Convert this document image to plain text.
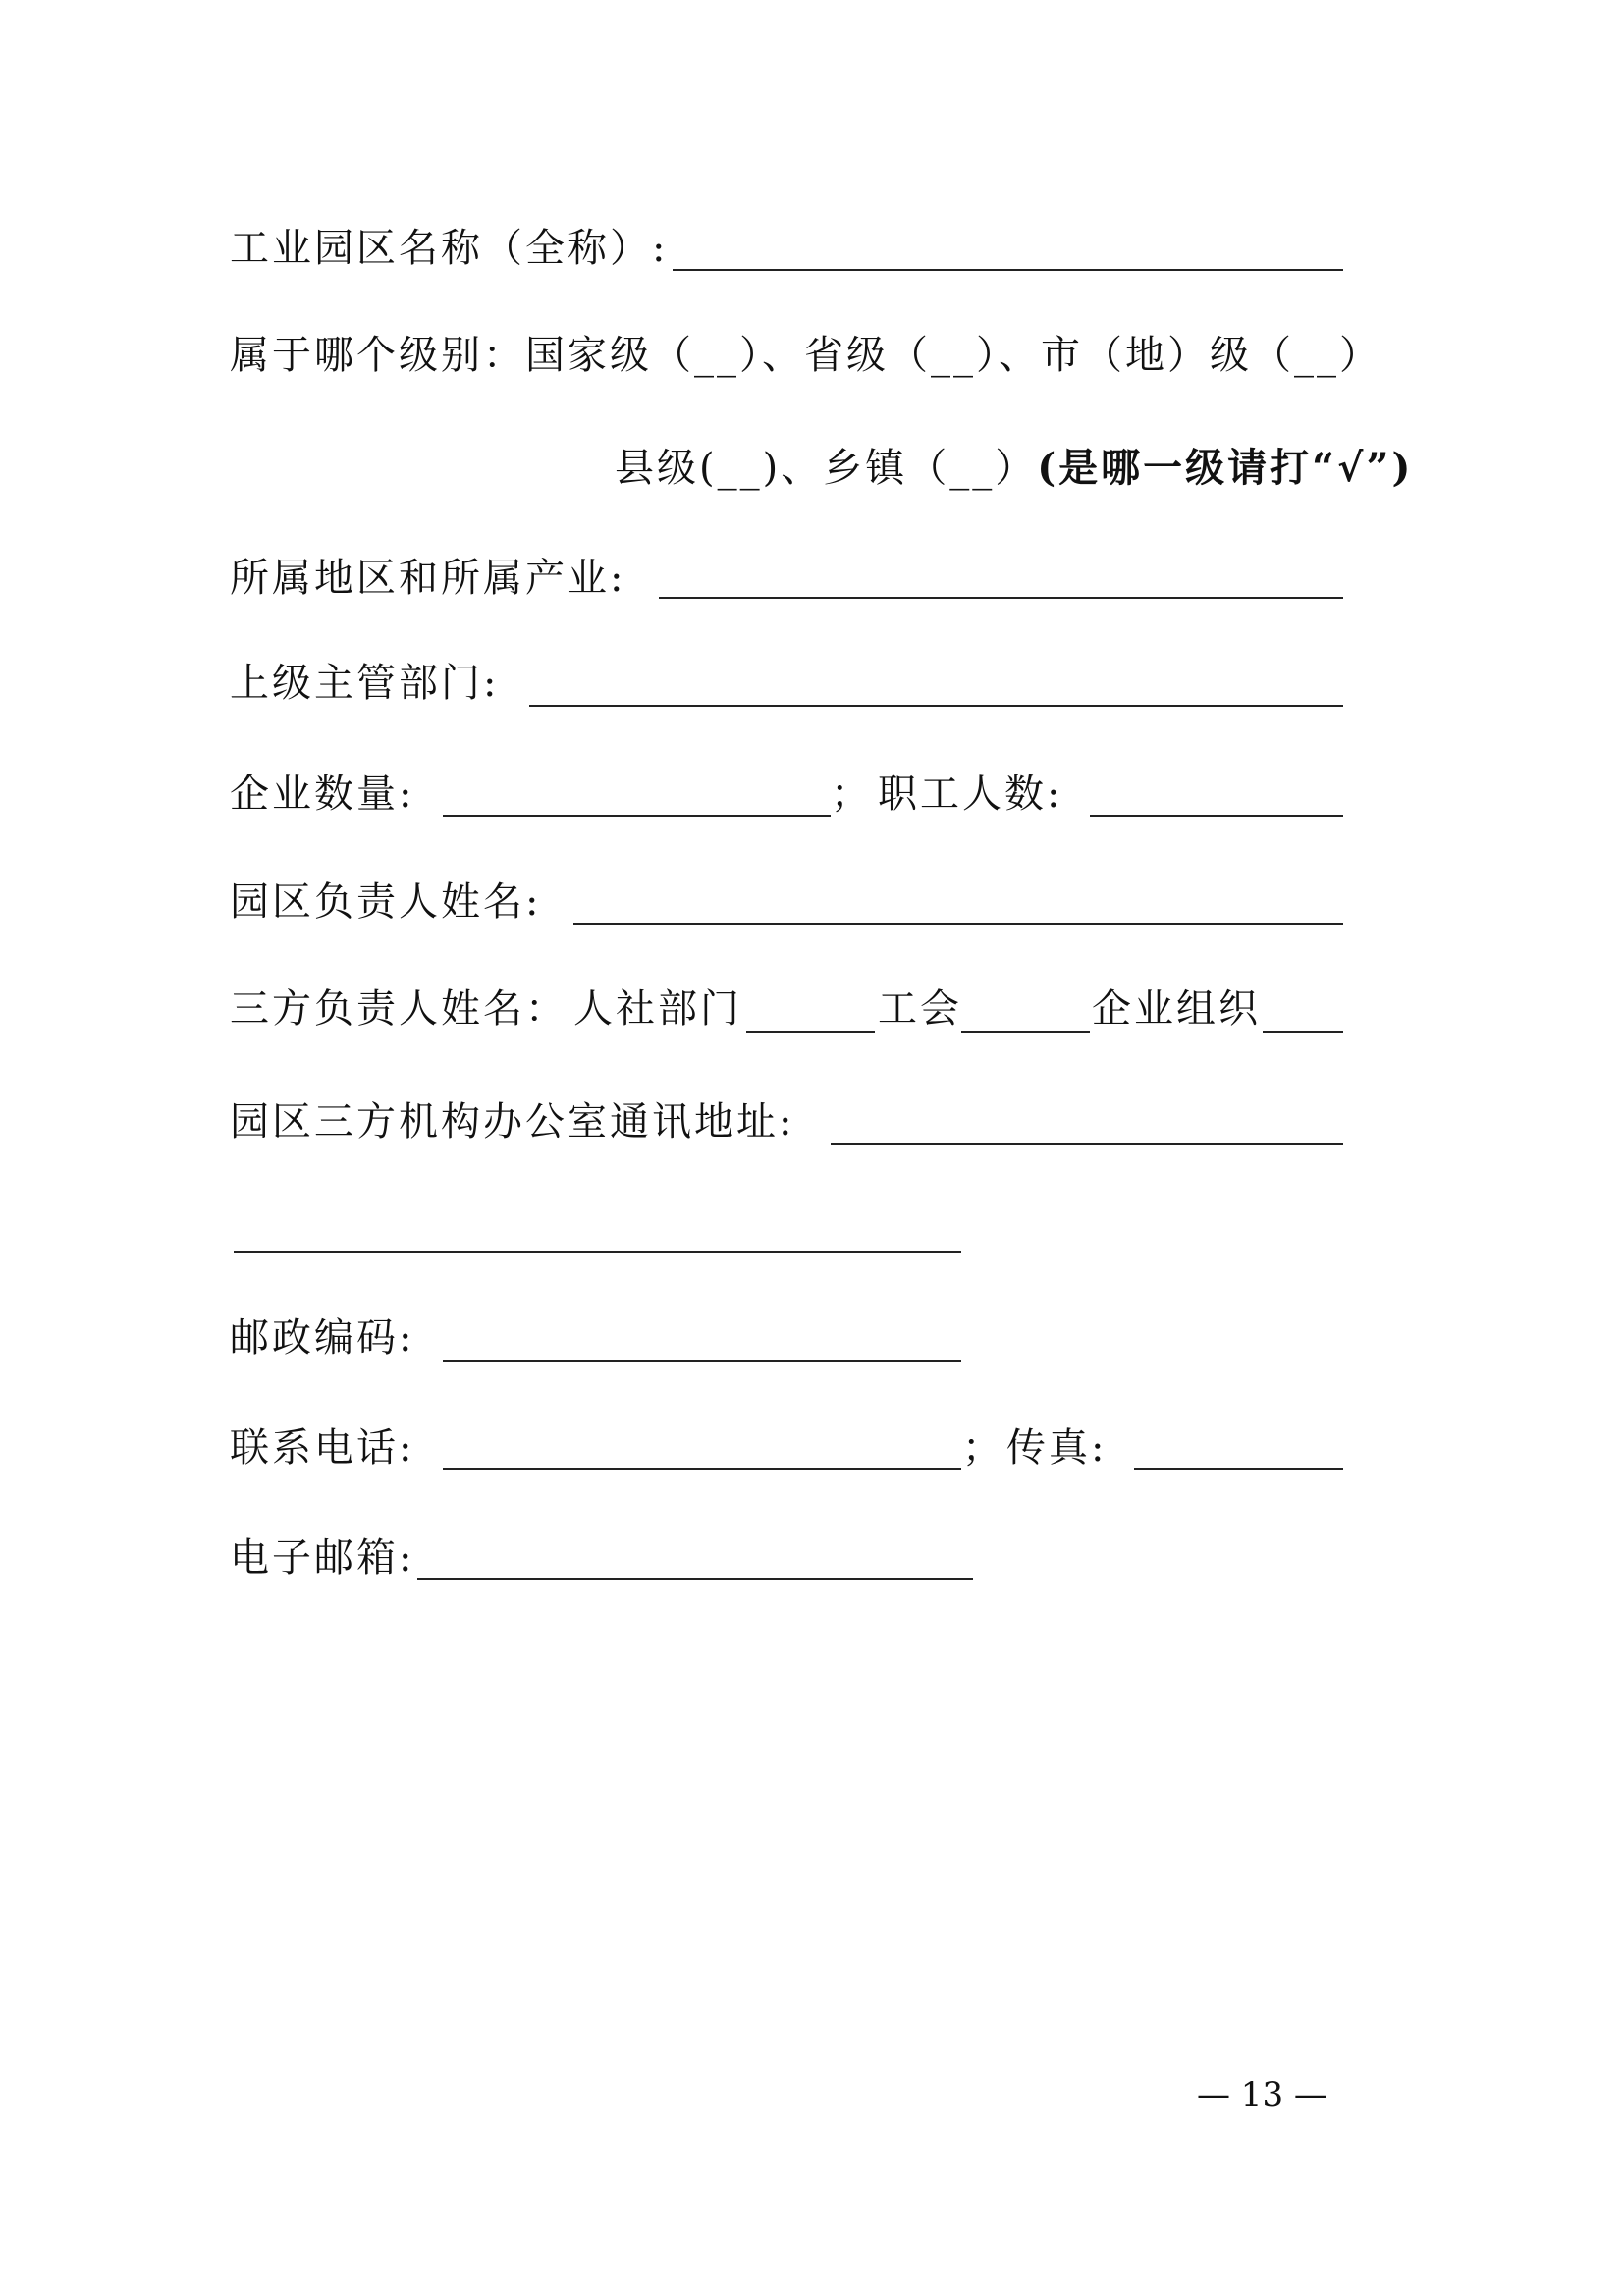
工业园区名称（全称）:
属于哪个级别：国家级（__）、省级（__）、市（地）级（__）
县级(__)、乡镇（__）(是哪一级请打“√”)
所属地区和所属产业:
上级主管部门:
企业数量:	； 职工人数:
园区负责人姓名:
三方负责人姓名： 人社部门	工会	企业组织
园区三方机构办公室通讯地址:
邮政编码:
联系电话:	； 传真:
电子邮箱:
— 13 —
